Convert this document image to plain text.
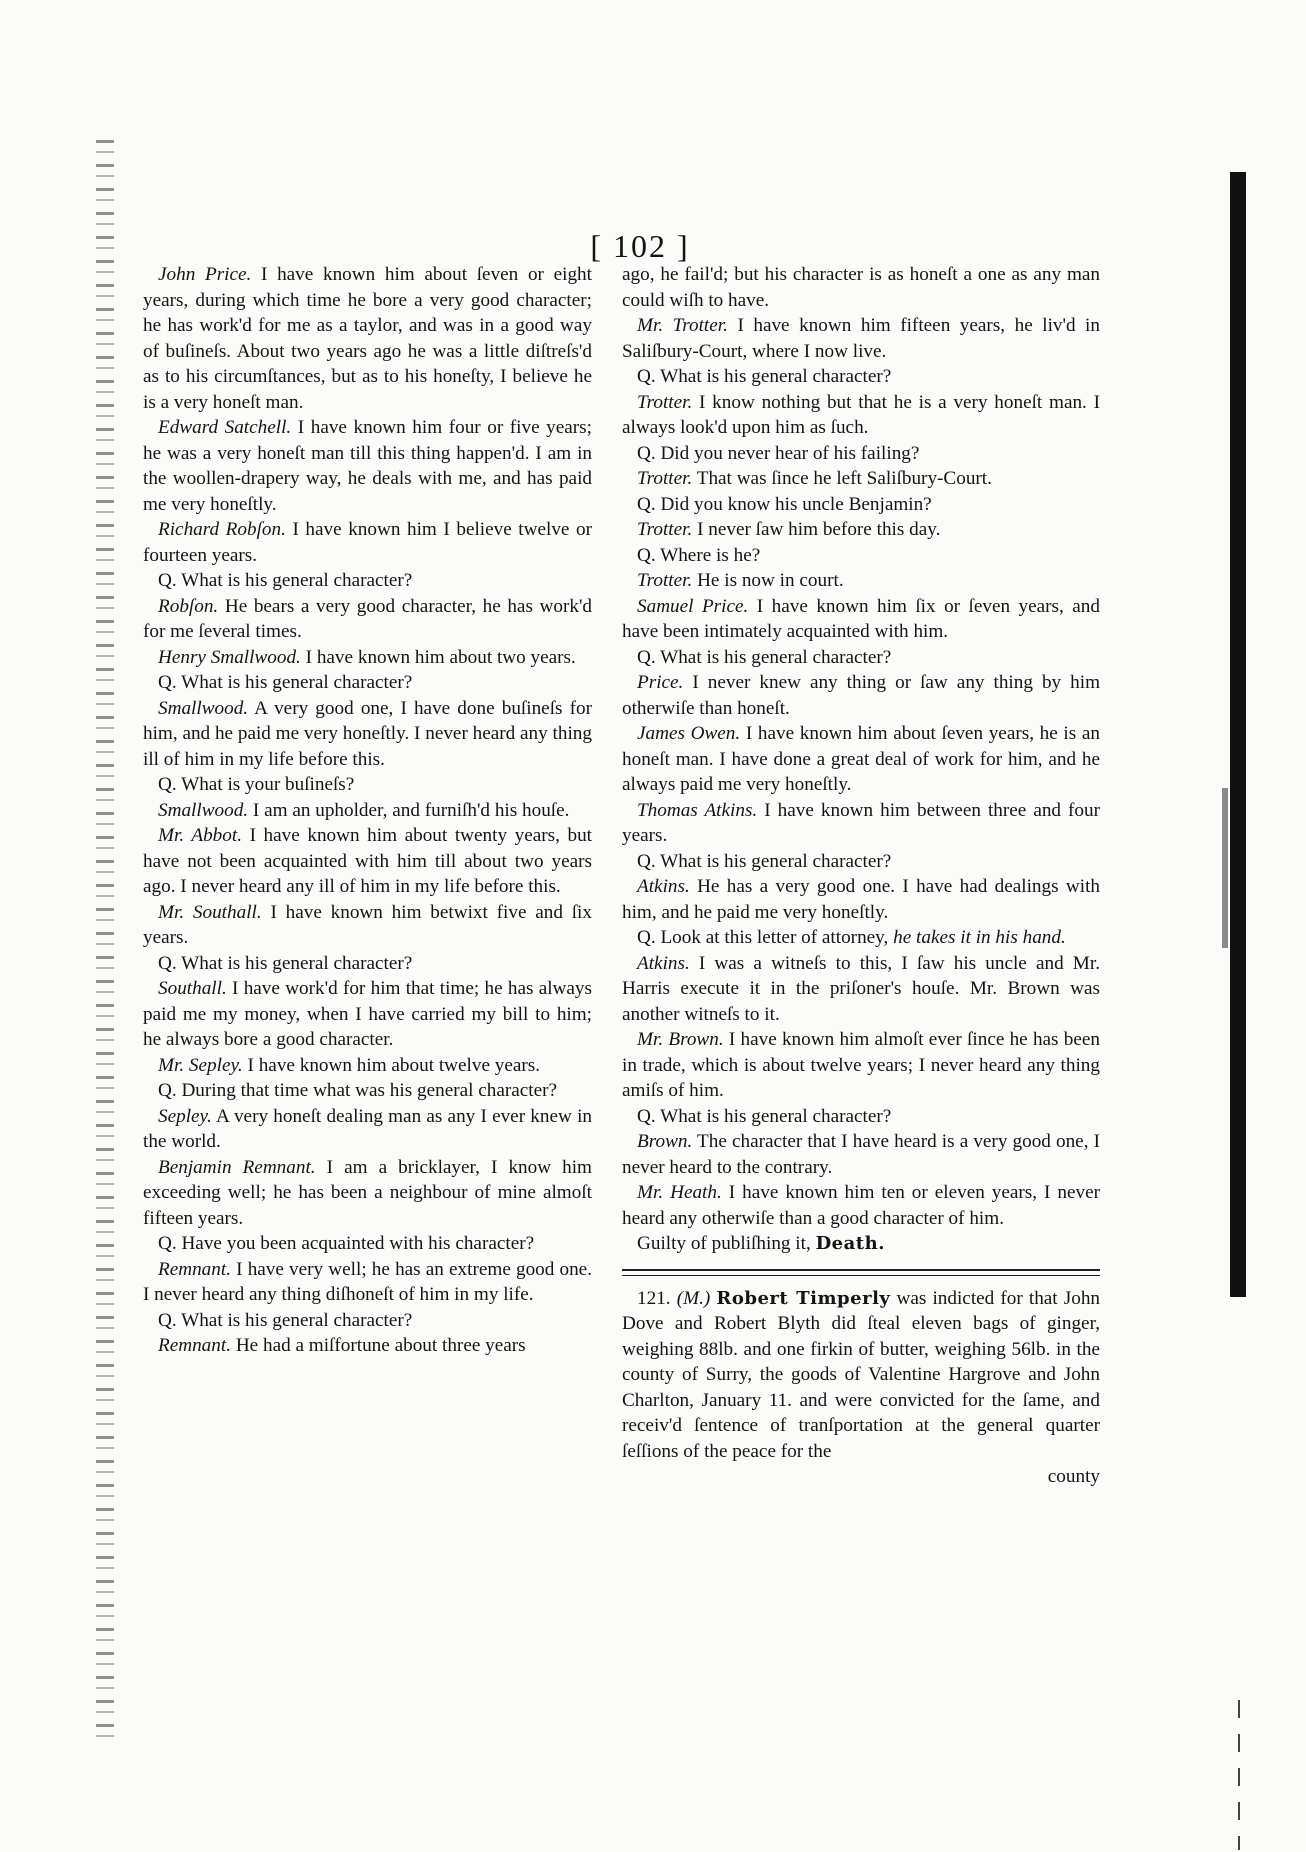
[ 102 ]

John Price. I have known him about ſeven or eight years, during which time he bore a very good character; he has work'd for me as a taylor, and was in a good way of buſineſs. About two years ago he was a little diſtreſs'd as to his circumſtances, but as to his honeſty, I believe he is a very honeſt man.

Edward Satchell. I have known him four or five years; he was a very honeſt man till this thing happen'd. I am in the woollen-drapery way, he deals with me, and has paid me very honeſtly.

Richard Robſon. I have known him I believe twelve or fourteen years.

Q. What is his general character?

Robſon. He bears a very good character, he has work'd for me ſeveral times.

Henry Smallwood. I have known him about two years.

Q. What is his general character?

Smallwood. A very good one, I have done buſineſs for him, and he paid me very honeſtly. I never heard any thing ill of him in my life before this.

Q. What is your buſineſs?

Smallwood. I am an upholder, and furniſh'd his houſe.

Mr. Abbot. I have known him about twenty years, but have not been acquainted with him till about two years ago. I never heard any ill of him in my life before this.

Mr. Southall. I have known him betwixt five and ſix years.

Q. What is his general character?

Southall. I have work'd for him that time; he has always paid me my money, when I have carried my bill to him; he always bore a good character.

Mr. Sepley. I have known him about twelve years.

Q. During that time what was his general character?

Sepley. A very honeſt dealing man as any I ever knew in the world.

Benjamin Remnant. I am a bricklayer, I know him exceeding well; he has been a neighbour of mine almoſt fifteen years.

Q. Have you been acquainted with his character?

Remnant. I have very well; he has an extreme good one. I never heard any thing diſhoneſt of him in my life.

Q. What is his general character?

Remnant. He had a miſfortune about three years

ago, he fail'd; but his character is as honeſt a one as any man could wiſh to have.

Mr. Trotter. I have known him fifteen years, he liv'd in Saliſbury-Court, where I now live.

Q. What is his general character?

Trotter. I know nothing but that he is a very honeſt man. I always look'd upon him as ſuch.

Q. Did you never hear of his failing?

Trotter. That was ſince he left Saliſbury-Court.

Q. Did you know his uncle Benjamin?

Trotter. I never ſaw him before this day.

Q. Where is he?

Trotter. He is now in court.

Samuel Price. I have known him ſix or ſeven years, and have been intimately acquainted with him.

Q. What is his general character?

Price. I never knew any thing or ſaw any thing by him otherwiſe than honeſt.

James Owen. I have known him about ſeven years, he is an honeſt man. I have done a great deal of work for him, and he always paid me very honeſtly.

Thomas Atkins. I have known him between three and four years.

Q. What is his general character?

Atkins. He has a very good one. I have had dealings with him, and he paid me very honeſtly.

Q. Look at this letter of attorney, he takes it in his hand.

Atkins. I was a witneſs to this, I ſaw his uncle and Mr. Harris execute it in the priſoner's houſe. Mr. Brown was another witneſs to it.

Mr. Brown. I have known him almoſt ever ſince he has been in trade, which is about twelve years; I never heard any thing amiſs of him.

Q. What is his general character?

Brown. The character that I have heard is a very good one, I never heard to the contrary.

Mr. Heath. I have known him ten or eleven years, I never heard any otherwiſe than a good character of him.

Guilty of publiſhing it, Death.

121. (M.) Robert Timperly was indicted for that John Dove and Robert Blyth did ſteal eleven bags of ginger, weighing 88lb. and one firkin of butter, weighing 56lb. in the county of Surry, the goods of Valentine Hargrove and John Charlton, January 11. and were convicted for the ſame, and receiv'd ſentence of tranſportation at the general quarter ſeſſions of the peace for the

county
